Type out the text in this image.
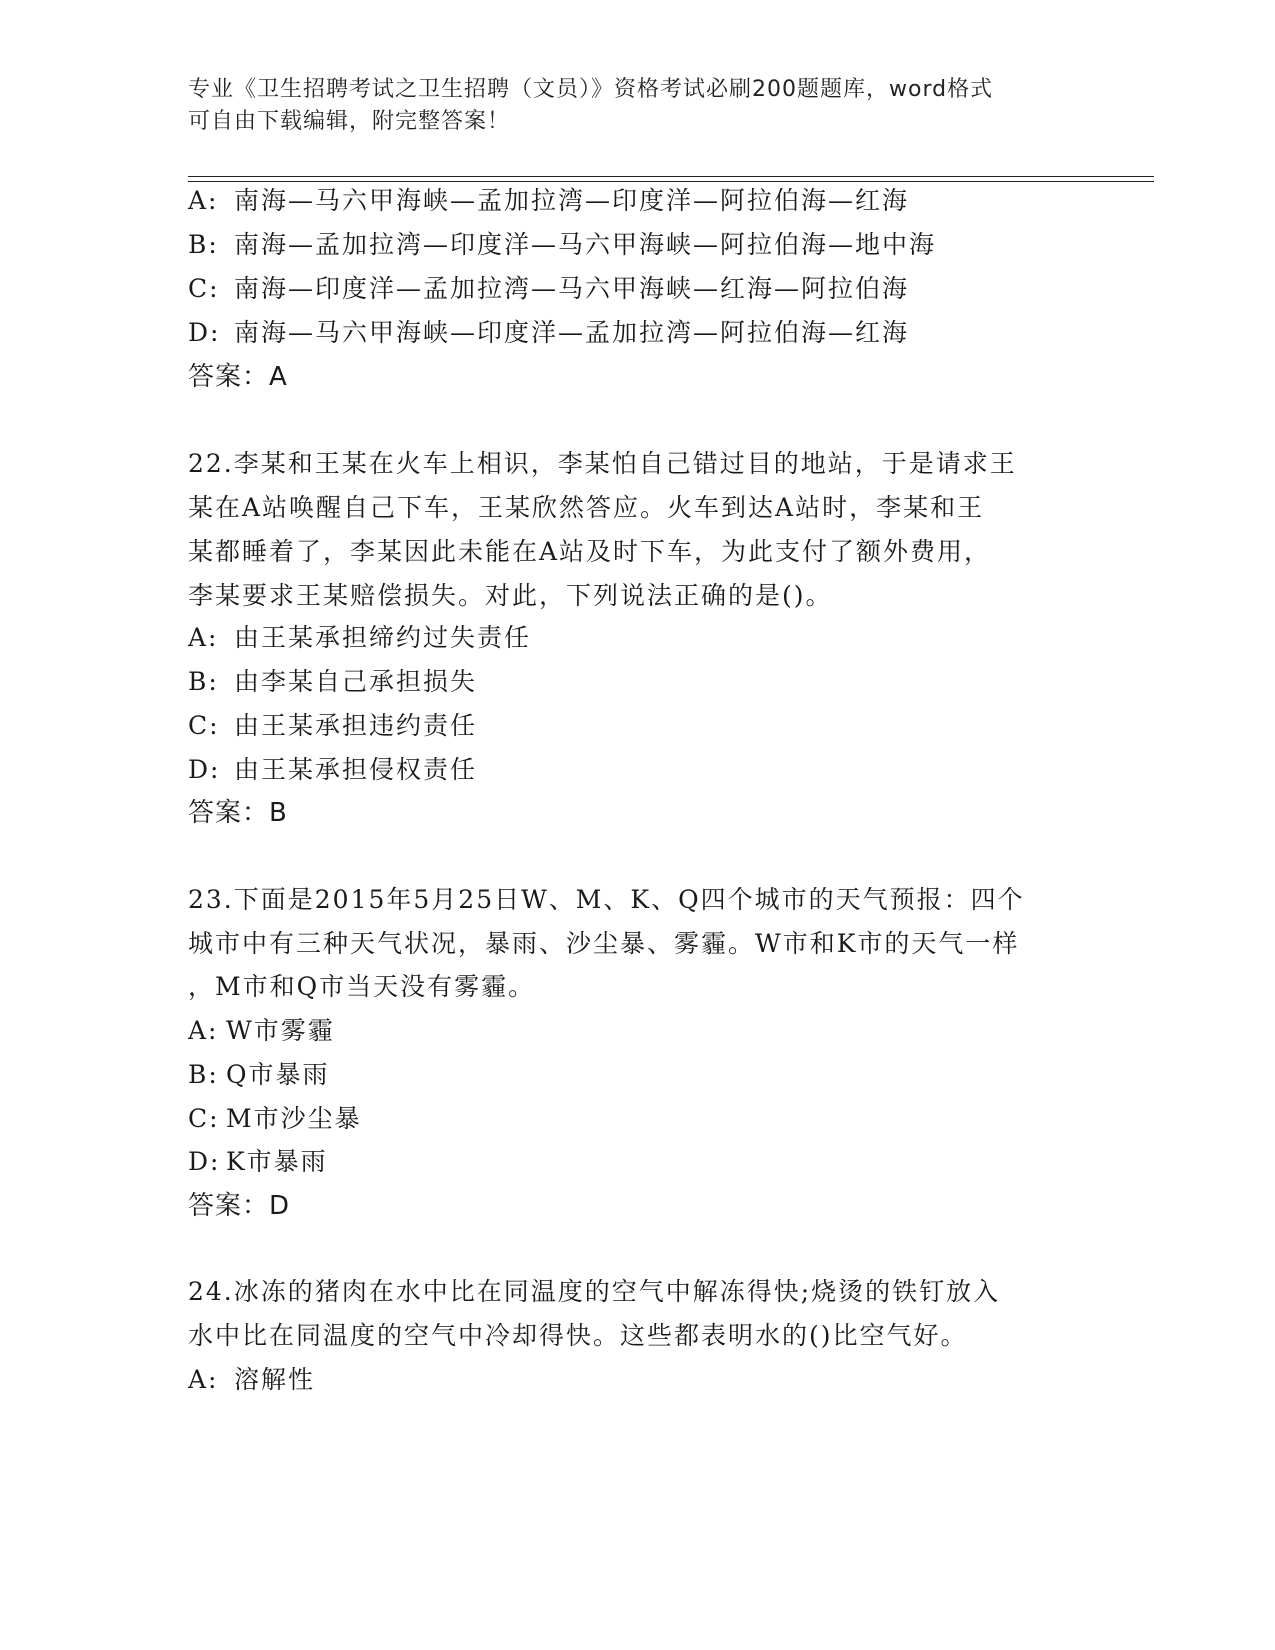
专业《卫生招聘考试之卫生招聘（文员）》资格考试必刷200题题库，word格式
可自由下载编辑，附完整答案！
A: 南海—马六甲海峡—孟加拉湾—印度洋—阿拉伯海—红海
B: 南海—孟加拉湾—印度洋—马六甲海峡—阿拉伯海—地中海
C: 南海—印度洋—孟加拉湾—马六甲海峡—红海—阿拉伯海
D: 南海—马六甲海峡—印度洋—孟加拉湾—阿拉伯海—红海
答案：A
22.李某和王某在火车上相识，李某怕自己错过目的地站，于是请求王
某在A站唤醒自己下车，王某欣然答应。火车到达A站时，李某和王
某都睡着了，李某因此未能在A站及时下车，为此支付了额外费用，
李某要求王某赔偿损失。对此，下列说法正确的是()。
A: 由王某承担缔约过失责任
B: 由李某自己承担损失
C: 由王某承担违约责任
D: 由王某承担侵权责任
答案：B
23.下面是2015年5月25日W、M、K、Q四个城市的天气预报：四个
城市中有三种天气状况，暴雨、沙尘暴、雾霾。W市和K市的天气一样
，M市和Q市当天没有雾霾。
A: W市雾霾
B: Q市暴雨
C: M市沙尘暴
D: K市暴雨
答案：D
24.冰冻的猪肉在水中比在同温度的空气中解冻得快;烧烫的铁钉放入
水中比在同温度的空气中冷却得快。这些都表明水的()比空气好。
A: 溶解性
